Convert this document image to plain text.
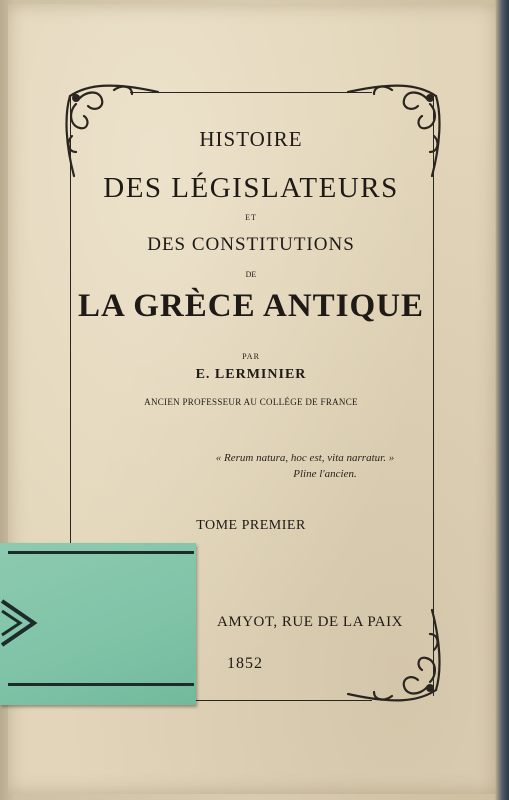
HISTOIRE
DES LÉGISLATEURS
ET
DES CONSTITUTIONS
DE
LA GRÈCE ANTIQUE
PAR
E. LERMINIER
ANCIEN PROFESSEUR AU COLLÉGE DE FRANCE
« Rerum natura, hoc est, vita narratur. »
Pline l'ancien.
TOME PREMIER
AMYOT, RUE DE LA PAIX
1852
